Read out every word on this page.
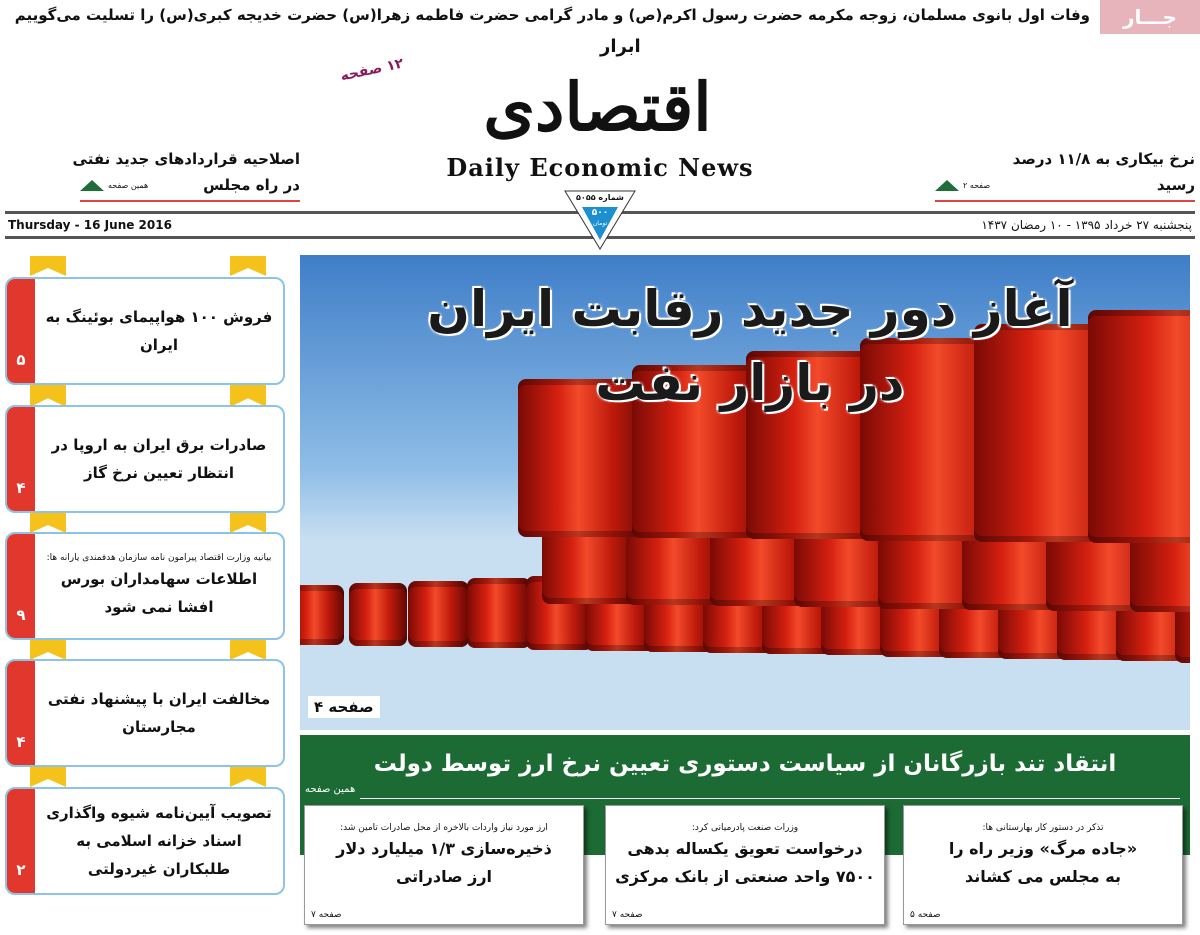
وفات اول بانوی مسلمان، زوجه مکرمه حضرت رسول اکرم(ص) و مادر گرامی حضرت فاطمه زهرا(س) حضرت خدیجه کبری(س) را تسلیت می‌گوییم	جـــار
۱۲ صفحه
ابرار
اقتصادی
Daily Economic News
اصلاحیه قراردادهای جدید نفتی
در راه مجلس
همین صفحه
نرخ بیکاری به ۱۱/۸ درصد
رسید
صفحه ۲
Thursday - 16 June 2016	پنجشنبه ۲۷ خرداد ۱۳۹۵ - ۱۰ رمضان ۱۴۳۷
شماره ۵۰۵۵
۵۰۰
تومان
۵
فروش ۱۰۰ هواپیمای بوئینگ به ایران
۴
صادرات برق ایران به اروپا در انتظار تعیین نرخ گاز
۹
بیانیه وزارت اقتصاد پیرامون نامه سازمان هدفمندی یارانه ها:
اطلاعات سهامداران بورس افشا نمی شود
۴
مخالفت ایران با پیشنهاد نفتی مجارستان
۲
تصویب آیین‌نامه شیوه واگذاری اسناد خزانه اسلامی به طلبکاران غیردولتی
آغاز دور جدید رقابت ایران
در بازار نفت
صفحه ۴
انتقاد تند بازرگانان از سیاست دستوری تعیین نرخ ارز توسط دولت
همین صفحه
تذکر در دستور کار بهارستانی ها:
«جاده مرگ» وزیر راه را
به مجلس می کشاند
صفحه ۵
وزرات صنعت پادرمیانی کرد:
درخواست تعویق یکساله بدهی
۷۵۰۰ واحد صنعتی از بانک مرکزی
صفحه ۷
ارز مورد نیاز واردات بالاخره از محل صادرات تامین شد:
ذخیره‌سازی ۱/۳ میلیارد دلار
ارز صادراتی
صفحه ۷
